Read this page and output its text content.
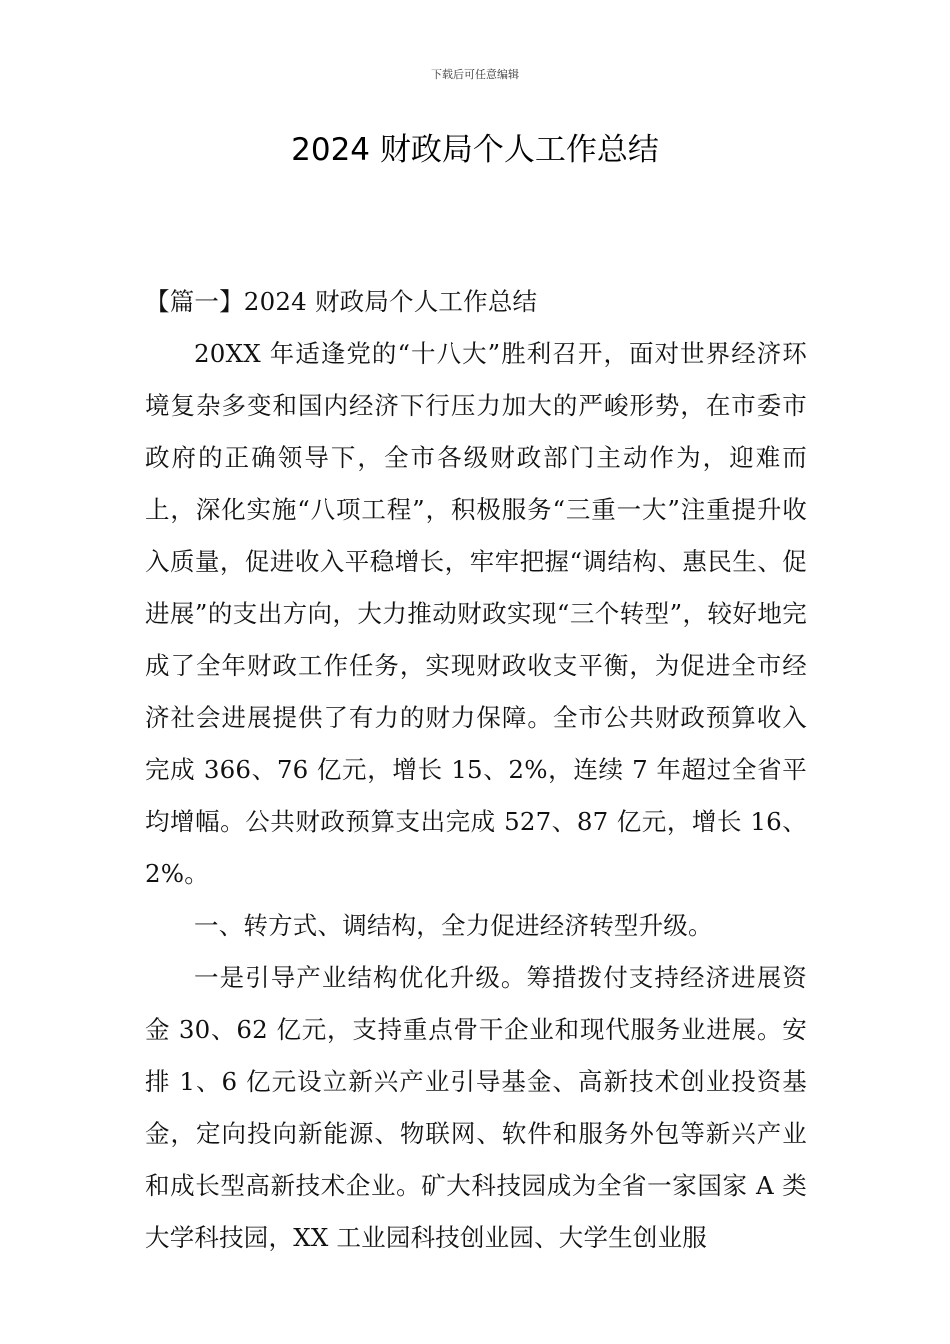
下载后可任意编辑
2024 财政局个人工作总结

【篇一】2024 财政局个人工作总结

20XX 年适逢党的“十八大”胜利召开，面对世界经济环境复杂多变和国内经济下行压力加大的严峻形势，在市委市政府的正确领导下，全市各级财政部门主动作为，迎难而上，深化实施“八项工程”，积极服务“三重一大”注重提升收入质量，促进收入平稳增长，牢牢把握“调结构、惠民生、促进展”的支出方向，大力推动财政实现“三个转型”，较好地完成了全年财政工作任务，实现财政收支平衡，为促进全市经济社会进展提供了有力的财力保障。全市公共财政预算收入完成 366、76 亿元，增长 15、2%，连续 7 年超过全省平均增幅。公共财政预算支出完成 527、87 亿元，增长 16、2%。

一、转方式、调结构，全力促进经济转型升级。

一是引导产业结构优化升级。筹措拨付支持经济进展资金 30、62 亿元，支持重点骨干企业和现代服务业进展。安排 1、6 亿元设立新兴产业引导基金、高新技术创业投资基金，定向投向新能源、物联网、软件和服务外包等新兴产业和成长型高新技术企业。矿大科技园成为全省一家国家 A 类大学科技园，XX 工业园科技创业园、大学生创业服
